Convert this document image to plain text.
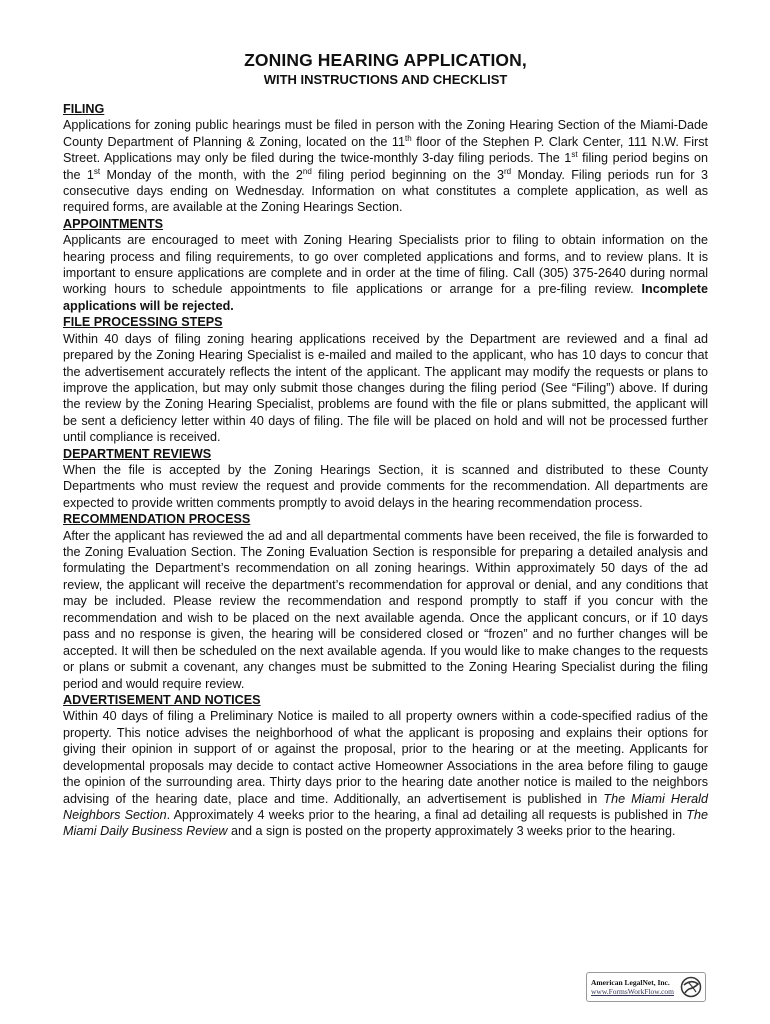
ZONING HEARING APPLICATION,
WITH INSTRUCTIONS AND CHECKLIST
FILING

Applications for zoning public hearings must be filed in person with the Zoning Hearing Section of the Miami-Dade County Department of Planning & Zoning, located on the 11th floor of the Stephen P. Clark Center, 111 N.W. First Street. Applications may only be filed during the twice-monthly 3-day filing periods. The 1st filing period begins on the 1st Monday of the month, with the 2nd filing period beginning on the 3rd Monday. Filing periods run for 3 consecutive days ending on Wednesday. Information on what constitutes a complete application, as well as required forms, are available at the Zoning Hearings Section.

APPOINTMENTS

Applicants are encouraged to meet with Zoning Hearing Specialists prior to filing to obtain information on the hearing process and filing requirements, to go over completed applications and forms, and to review plans. It is important to ensure applications are complete and in order at the time of filing. Call (305) 375-2640 during normal working hours to schedule appointments to file applications or arrange for a pre-filing review. Incomplete applications will be rejected.

FILE PROCESSING STEPS

Within 40 days of filing zoning hearing applications received by the Department are reviewed and a final ad prepared by the Zoning Hearing Specialist is e-mailed and mailed to the applicant, who has 10 days to concur that the advertisement accurately reflects the intent of the applicant. The applicant may modify the requests or plans to improve the application, but may only submit those changes during the filing period (See “Filing”) above. If during the review by the Zoning Hearing Specialist, problems are found with the file or plans submitted, the applicant will be sent a deficiency letter within 40 days of filing. The file will be placed on hold and will not be processed further until compliance is received.

DEPARTMENT REVIEWS

When the file is accepted by the Zoning Hearings Section, it is scanned and distributed to these County Departments who must review the request and provide comments for the recommendation. All departments are expected to provide written comments promptly to avoid delays in the hearing recommendation process.

RECOMMENDATION PROCESS

After the applicant has reviewed the ad and all departmental comments have been received, the file is forwarded to the Zoning Evaluation Section. The Zoning Evaluation Section is responsible for preparing a detailed analysis and formulating the Department’s recommendation on all zoning hearings. Within approximately 50 days of the ad review, the applicant will receive the department’s recommendation for approval or denial, and any conditions that may be included. Please review the recommendation and respond promptly to staff if you concur with the recommendation and wish to be placed on the next available agenda. Once the applicant concurs, or if 10 days pass and no response is given, the hearing will be considered closed or “frozen” and no further changes will be accepted. It will then be scheduled on the next available agenda. If you would like to make changes to the requests or plans or submit a covenant, any changes must be submitted to the Zoning Hearing Specialist during the filing period and would require review.

ADVERTISEMENT AND NOTICES

Within 40 days of filing a Preliminary Notice is mailed to all property owners within a code-specified radius of the property. This notice advises the neighborhood of what the applicant is proposing and explains their options for giving their opinion in support of or against the proposal, prior to the hearing or at the meeting. Applicants for developmental proposals may decide to contact active Homeowner Associations in the area before filing to gauge the opinion of the surrounding area. Thirty days prior to the hearing date another notice is mailed to the neighbors advising of the hearing date, place and time. Additionally, an advertisement is published in The Miami Herald Neighbors Section. Approximately 4 weeks prior to the hearing, a final ad detailing all requests is published in The Miami Daily Business Review and a sign is posted on the property approximately 3 weeks prior to the hearing.

American LegalNet, Inc.
www.FormsWorkFlow.com
